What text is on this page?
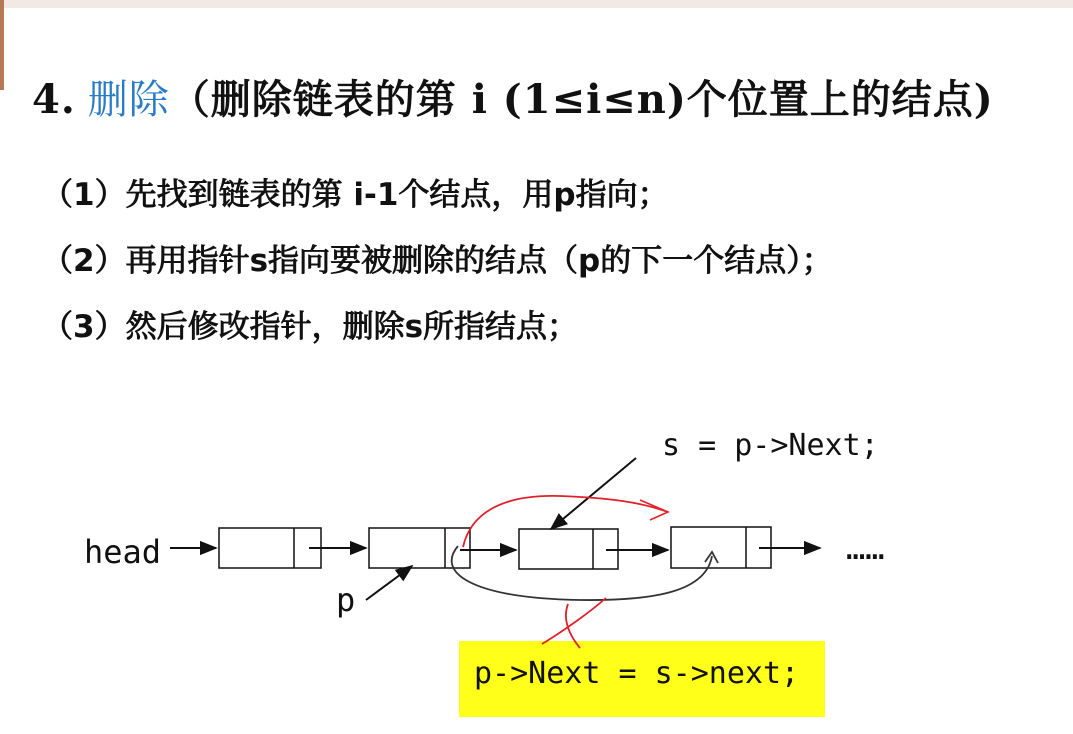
4. 删除（删除链表的第 i (1≤i≤n)个位置上的结点)
（1）先找到链表的第 i-1个结点，用p指向；
（2）再用指针s指向要被删除的结点（p的下一个结点）；
（3）然后修改指针，删除s所指结点；
p->Next = s->next;
head	……
p
s = p->Next;
